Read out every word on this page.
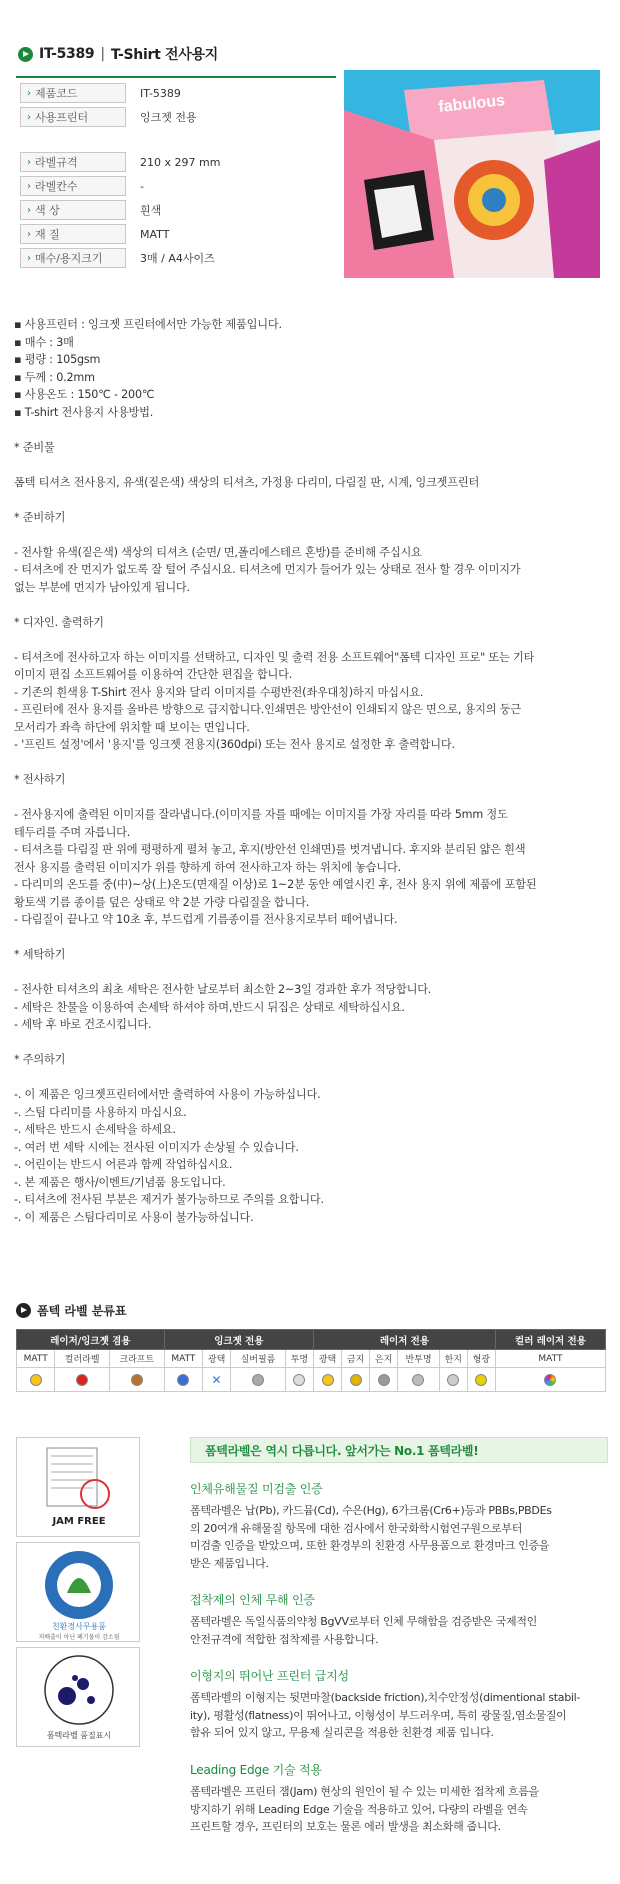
IT-5389 | T-Shirt 전사용지
› 제품코드	IT-5389
› 사용프린터	잉크젯 전용
› 라벨규격	210 x 297 mm
› 라벨칸수	-
› 색 상	흰색
› 재 질	MATT
› 매수/용지크기	3매 / A4사이즈
fabulous

▪ 사용프린터 : 잉크젯 프린터에서만 가능한 제품입니다.

▪ 매수 : 3매

▪ 평량 : 105gsm

▪ 두께 : 0.2mm

▪ 사용온도 : 150℃ - 200℃

▪ T-shirt 전사용지 사용방법.

* 준비물

폼텍 티셔츠 전사용지, 유색(짙은색) 색상의 티셔츠, 가정용 다리미, 다림질 판, 시계, 잉크젯프린터

* 준비하기

- 전사할 유색(짙은색) 색상의 티셔츠 (순면/ 면,폴리에스테르 혼방)를 준비해 주십시요

- 티셔츠에 잔 먼지가 없도록 잘 털어 주십시요. 티셔츠에 먼지가 들어가 있는 상태로 전사 할 경우 이미지가

없는 부분에 먼지가 남아있게 됩니다.

* 디자인. 출력하기

- 티셔츠에 전사하고자 하는 이미지를 선택하고, 디자인 및 출력 전용 소프트웨어"폼텍 디자인 프로" 또는 기타

이미지 편집 소프트웨어를 이용하여 간단한 편집을 합니다.

- 기존의 흰색용 T-Shirt 전사 용지와 달리 이미지를 수평반전(좌우대칭)하지 마십시요.

- 프린터에 전사 용지를 올바른 방향으로 급지합니다.인쇄면은 방안선이 인쇄되지 않은 면으로, 용지의 둥근

모서리가 좌측 하단에 위치할 때 보이는 면입니다.

- '프린트 설정'에서 '용지'를 잉크젯 전용지(360dpi) 또는 전사 용지로 설정한 후 출력합니다.

* 전사하기

- 전사용지에 출력된 이미지를 잘라냅니다.(이미지를 자를 때에는 이미지를 가장 자리를 따라 5mm 정도

테두리를 주며 자릅니다.

- 티셔츠를 다림질 판 위에 평평하게 펼쳐 놓고, 후지(방안선 인쇄면)를 벗겨냅니다. 후지와 분리된 얇은 흰색

전사 용지를 출력된 이미지가 위를 향하게 하여 전사하고자 하는 위치에 놓습니다.

- 다리미의 온도를 중(中)~상(上)온도(면재질 이상)로 1~2분 동안 예열시킨 후, 전사 용지 위에 제품에 포함된

황토색 기름 종이를 덮은 상태로 약 2분 가량 다림질을 합니다.

- 다림질이 끝나고 약 10초 후, 부드럽게 기름종이를 전사용지로부터 떼어냅니다.

* 세탁하기

- 전사한 티셔츠의 최초 세탁은 전사한 날로부터 최소한 2~3일 경과한 후가 적당합니다.

- 세탁은 찬물을 이용하여 손세탁 하셔야 하며,반드시 뒤집은 상태로 세탁하십시요.

- 세탁 후 바로 건조시킵니다.

* 주의하기

-. 이 제품은 잉크젯프린터에서만 출력하여 사용이 가능하십니다.

-. 스팀 다리미를 사용하지 마십시요.

-. 세탁은 반드시 손세탁을 하세요.

-. 여러 번 세탁 시에는 전사된 이미지가 손상될 수 있습니다.

-. 어린이는 반드시 어른과 함께 작업하십시요.

-. 본 제품은 행사/이벤트/기념품 용도입니다.

-. 티셔츠에 전사된 부분은 제거가 불가능하므로 주의를 요합니다.

-. 이 제품은 스팀다리미로 사용이 불가능하십니다.

폼텍 라벨 분류표
레이저/잉크젯 겸용			잉크젯 전용				레이저 전용						컬러 레이저 전용
MATT	컬러라벨	크라프트	MATT	광택	실버필름	투명	광택	금지	은지	반투명	한지	형광	MATT
				✕									
JAM FREE
친환경사무용품
저배출이 아닌 폐기물이 감소됨
폼텍라벨 품질표시
폼텍라벨은 역시 다릅니다. 앞서가는 No.1 폼텍라벨!
인체유해물질 미검출 인증
폼텍라벨은 납(Pb), 카드뮴(Cd), 수은(Hg), 6가크롬(Cr6+)등과 PBBs,PBDEs
의 20여개 유해물질 항목에 대한 검사에서 한국화학시험연구원으로부터
미검출 인증을 받았으며, 또한 환경부의 친환경 사무용품으로 환경마크 인증을
받은 제품입니다.
접착제의 인체 무해 인증
폼텍라벨은 독일식품의약청 BgVV로부터 인체 무해함을 검증받은 국제적인
안전규격에 적합한 접착제를 사용합니다.
이형지의 뛰어난 프린터 급지성
폼텍라벨의 이형지는 뒷면마찰(backside friction),치수안정성(dimentional stabil-
ity), 평활성(flatness)이 뛰어나고, 이형성이 부드러우며, 특히 광물질,염소물질이
함유 되어 있지 않고, 무용제 실리콘을 적용한 친환경 제품 입니다.
Leading Edge 기술 적용
폼텍라벨은 프린터 잼(Jam) 현상의 원인이 될 수 있는 미세한 접착제 흐름을
방지하기 위해 Leading Edge 기술을 적용하고 있어, 다량의 라벨을 연속
프린트할 경우, 프린터의 보호는 물론 에러 발생을 최소화해 줍니다.
